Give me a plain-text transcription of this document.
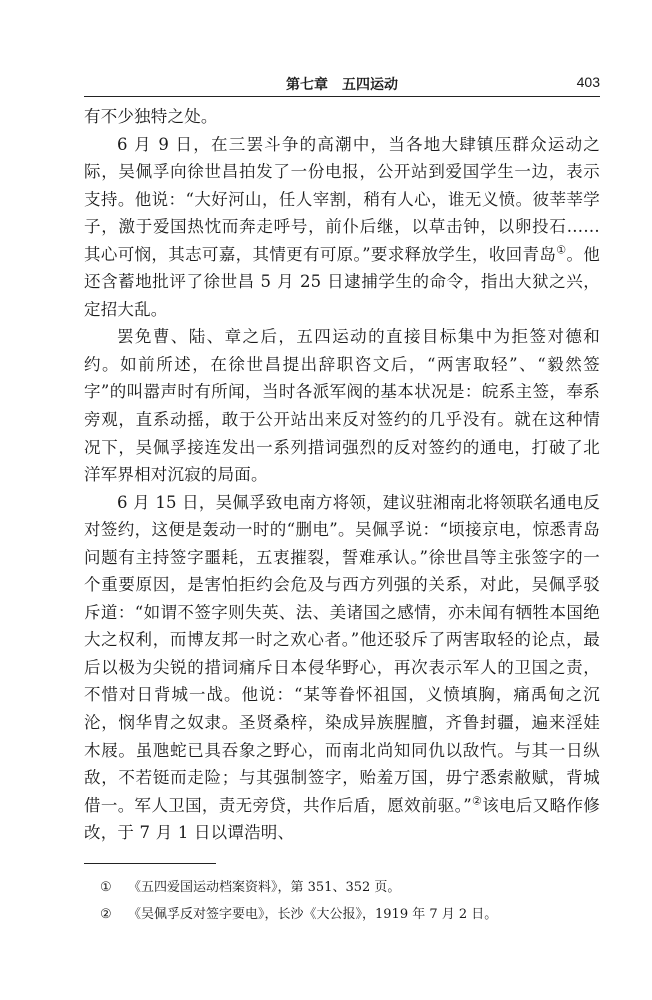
第七章　五四运动	403

有不少独特之处。

6 月 9 日，在三罢斗争的高潮中，当各地大肆镇压群众运动之际，吴佩孚向徐世昌拍发了一份电报，公开站到爱国学生一边，表示支持。他说：“大好河山，任人宰割，稍有人心，谁无义愤。彼莘莘学子，激于爱国热忱而奔走呼号，前仆后继，以草击钟，以卵投石……其心可悯，其志可嘉，其情更有可原。”要求释放学生，收回青岛①。他还含蓄地批评了徐世昌 5 月 25 日逮捕学生的命令，指出大狱之兴，定招大乱。

罢免曹、陆、章之后，五四运动的直接目标集中为拒签对德和约。如前所述，在徐世昌提出辞职咨文后，“两害取轻”、“毅然签字”的叫嚣声时有所闻，当时各派军阀的基本状况是：皖系主签，奉系旁观，直系动摇，敢于公开站出来反对签约的几乎没有。就在这种情况下，吴佩孚接连发出一系列措词强烈的反对签约的通电，打破了北洋军界相对沉寂的局面。

6 月 15 日，吴佩孚致电南方将领，建议驻湘南北将领联名通电反对签约，这便是轰动一时的“删电”。吴佩孚说：“顷接京电，惊悉青岛问题有主持签字噩耗，五衷摧裂，誓难承认。”徐世昌等主张签字的一个重要原因，是害怕拒约会危及与西方列强的关系，对此，吴佩孚驳斥道：“如谓不签字则失英、法、美诸国之感情，亦未闻有牺牲本国绝大之权利，而博友邦一时之欢心者。”他还驳斥了两害取轻的论点，最后以极为尖锐的措词痛斥日本侵华野心，再次表示军人的卫国之责，不惜对日背城一战。他说：“某等眷怀祖国，义愤填胸，痛禹甸之沉沦，悯华胄之奴隶。圣贤桑梓，染成异族腥膻，齐鲁封疆，遍来淫娃木屐。虽虺蛇已具吞象之野心，而南北尚知同仇以敌忾。与其一日纵敌，不若铤而走险；与其强制签字，贻羞万国，毋宁悉索敝赋，背城借一。军人卫国，责无旁贷，共作后盾，愿效前驱。”②该电后又略作修改，于 7 月 1 日以谭浩明、

① 《五四爱国运动档案资料》，第 351、352 页。
② 《吴佩孚反对签字要电》，长沙《大公报》，1919 年 7 月 2 日。
